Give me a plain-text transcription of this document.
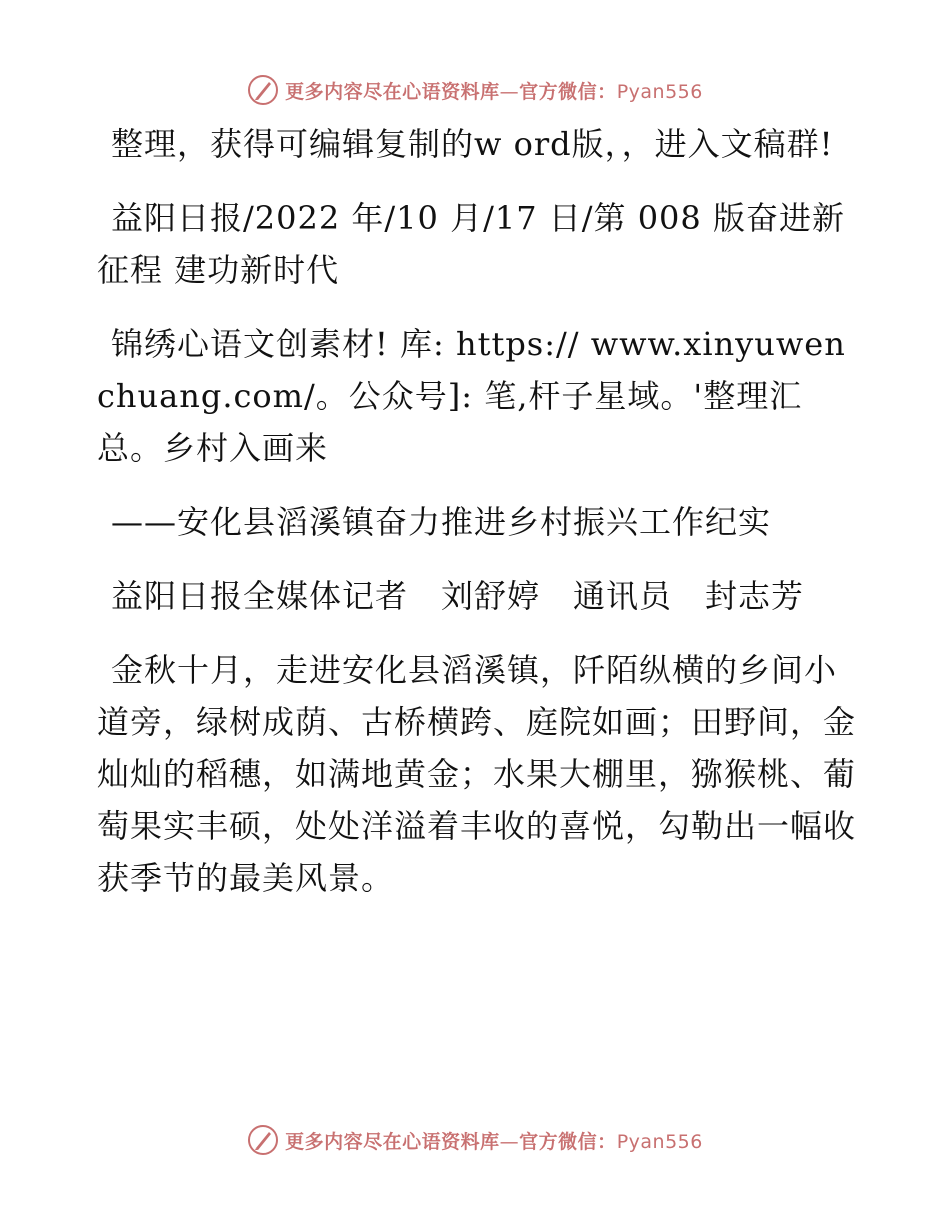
更多内容尽在心语资料库—官方微信：Pyan556

整理，获得可编辑复制的w ord版，，进入文稿群!

益阳日报/2022 年/10 月/17 日/第 008 版奋进新征程 建功新时代

锦绣心语文创素材! 库: https:// www.xinyuwenchuang.com/。公众号]: 笔,杆子星域。'整理汇总。乡村入画来

——安化县滔溪镇奋力推进乡村振兴工作纪实

益阳日报全媒体记者　刘舒婷　通讯员　封志芳

金秋十月，走进安化县滔溪镇，阡陌纵横的乡间小道旁，绿树成荫、古桥横跨、庭院如画；田野间，金灿灿的稻穗，如满地黄金；水果大棚里，猕猴桃、葡萄果实丰硕，处处洋溢着丰收的喜悦，勾勒出一幅收获季节的最美风景。

更多内容尽在心语资料库—官方微信：Pyan556
